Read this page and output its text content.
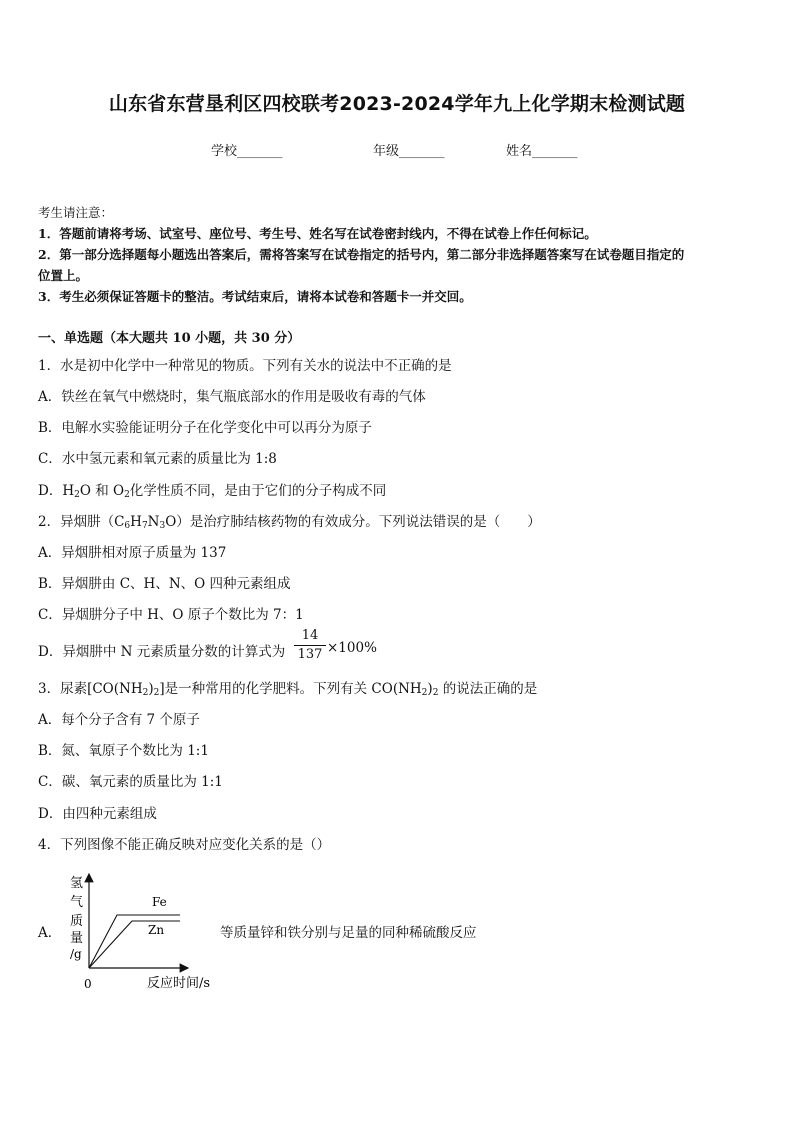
山东省东营垦利区四校联考2023-2024学年九上化学期末检测试题
学校_______	年级_______	姓名_______
考生请注意：
1．答题前请将考场、试室号、座位号、考生号、姓名写在试卷密封线内，不得在试卷上作任何标记。
2．第一部分选择题每小题选出答案后，需将答案写在试卷指定的括号内，第二部分非选择题答案写在试卷题目指定的
位置上。
3．考生必须保证答题卡的整洁。考试结束后，请将本试卷和答题卡一并交回。
一、单选题（本大题共 10 小题，共 30 分）
1．水是初中化学中一种常见的物质。下列有关水的说法中不正确的是
A．铁丝在氧气中燃烧时，集气瓶底部水的作用是吸收有毒的气体
B．电解水实验能证明分子在化学变化中可以再分为原子
C．水中氢元素和氧元素的质量比为 1:8
D．$H_2O$ 和 $O_2$化学性质不同，是由于它们的分子构成不同
2．异烟肼$(C_6H_7N_3O)$是治疗肺结核药物的有效成分。下列说法错误的是（　　）
A．异烟肼相对原子质量为 137
B．异烟肼由 C、H、N、O 四种元素组成
C．异烟肼分子中 H、O 原子个数比为 7：1
D．异烟肼中 N 元素质量分数的计算式为
14
137 ×100%
3．尿素$[CO(NH_2)_2]$是一种常用的化学肥料。下列有关 $CO(NH_2)_2$ 的说法正确的是
A．每个分子含有 7 个原子
B．氮、氧原子个数比为 1:1
C．碳、氧元素的质量比为 1:1
D．由四种元素组成
4．下列图像不能正确反映对应变化关系的是（）
A．
氢
气
质
量
/g
Fe
Zn
0	反应时间/s
等质量锌和铁分别与足量的同种稀硫酸反应
